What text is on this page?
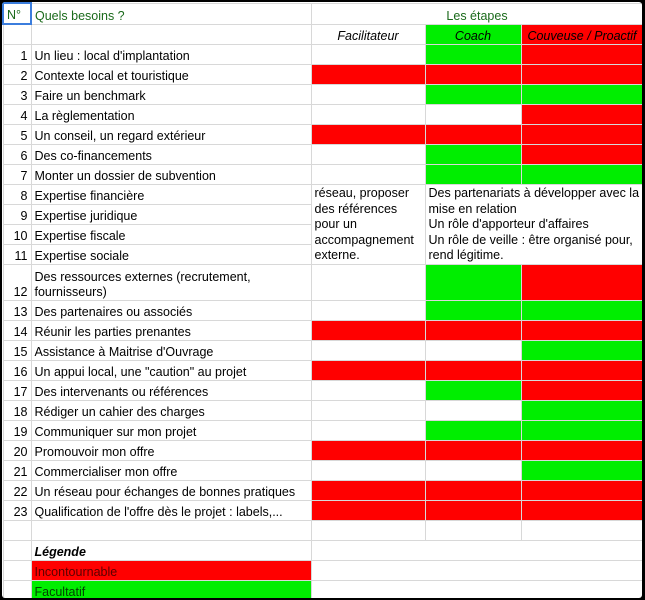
N°	Quels besoins ?	Les étapes		
		Facilitateur	Coach	Couveuse / Proactif
1	Un lieu : local d'implantation			
2	Contexte local et touristique			
3	Faire un benchmark			
4	La règlementation			
5	Un conseil, un regard extérieur			
6	Des co-financements			
7	Monter un dossier de subvention			
8	Expertise financière	réseau, proposer des références pour un accompagnement externe.	Des partenariats à développer avec la mise en relation
Un rôle d'apporteur d'affaires
Un rôle de veille : être organisé pour, rend légitime.	

9	Expertise juridique			
10	Expertise fiscale			
11	Expertise sociale			
12	Des ressources externes (recrutement, fournisseurs)			
13	Des partenaires ou associés			
14	Réunir les parties prenantes			
15	Assistance à Maitrise d'Ouvrage			
16	Un appui local, une "caution" au projet			
17	Des intervenants ou références			
18	Rédiger un cahier des charges			
19	Communiquer sur mon projet			
20	Promouvoir mon offre			
21	Commercialiser mon offre			
22	Un réseau pour échanges de bonnes pratiques			
23	Qualification de l'offre dès le projet : labels,...			

	Légende			
	Incontournable			
	Facultatif			
